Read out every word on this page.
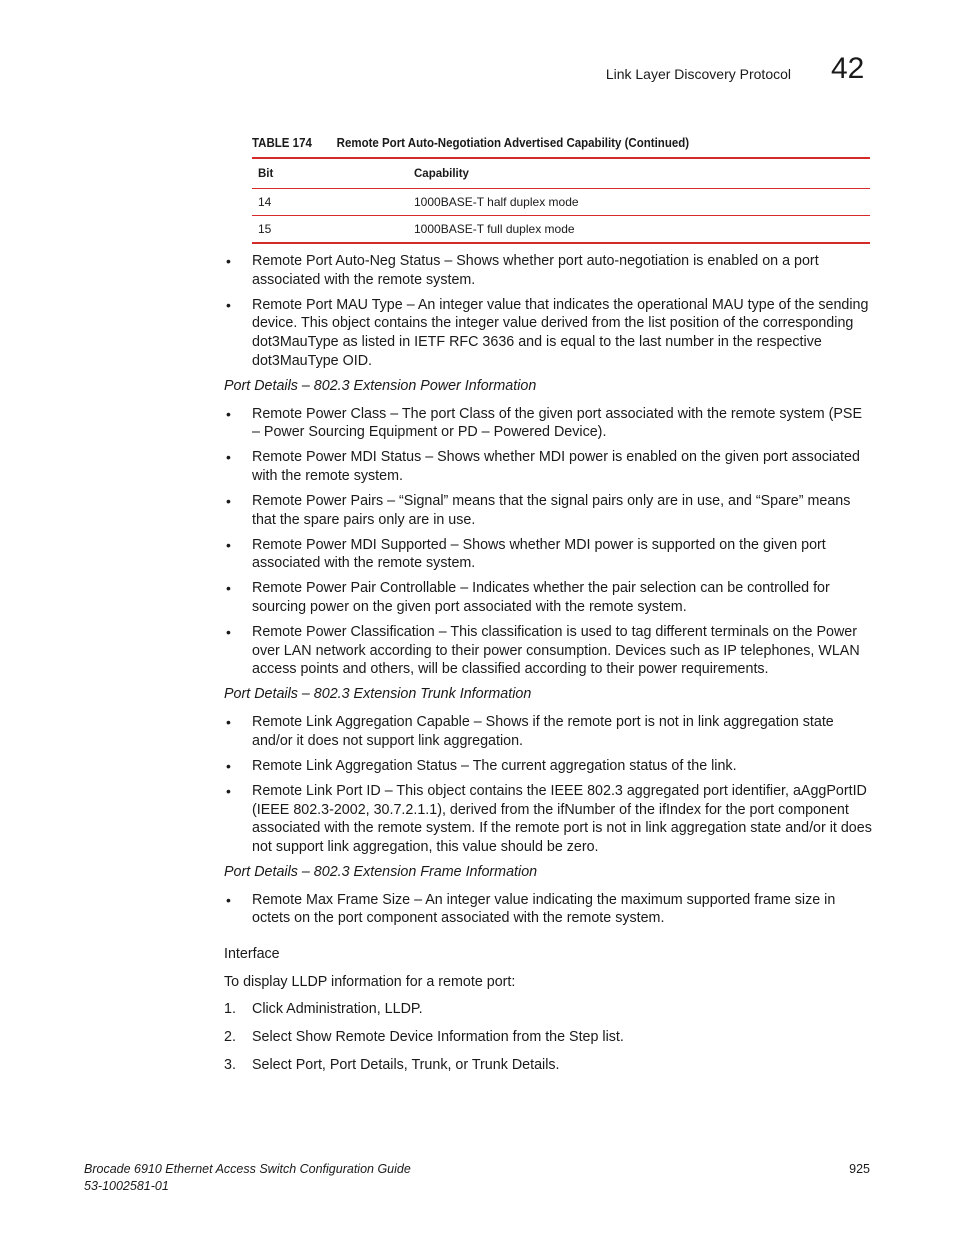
Link Layer Discovery Protocol 42
TABLE 174 Remote Port Auto-Negotiation Advertised Capability (Continued)
Bit	Capability
14	1000BASE-T half duplex mode
15	1000BASE-T full duplex mode
• Remote Port Auto-Neg Status – Shows whether port auto-negotiation is enabled on a port associated with the remote system.
• Remote Port MAU Type – An integer value that indicates the operational MAU type of the sending device. This object contains the integer value derived from the list position of the corresponding dot3MauType as listed in IETF RFC 3636 and is equal to the last number in the respective dot3MauType OID.
Port Details – 802.3 Extension Power Information
• Remote Power Class – The port Class of the given port associated with the remote system (PSE – Power Sourcing Equipment or PD – Powered Device).
• Remote Power MDI Status – Shows whether MDI power is enabled on the given port associated with the remote system.
• Remote Power Pairs – “Signal” means that the signal pairs only are in use, and “Spare” means that the spare pairs only are in use.
• Remote Power MDI Supported – Shows whether MDI power is supported on the given port associated with the remote system.
• Remote Power Pair Controllable – Indicates whether the pair selection can be controlled for sourcing power on the given port associated with the remote system.
• Remote Power Classification – This classification is used to tag different terminals on the Power over LAN network according to their power consumption. Devices such as IP telephones, WLAN access points and others, will be classified according to their power requirements.
Port Details – 802.3 Extension Trunk Information
• Remote Link Aggregation Capable – Shows if the remote port is not in link aggregation state and/or it does not support link aggregation.
• Remote Link Aggregation Status – The current aggregation status of the link.
• Remote Link Port ID – This object contains the IEEE 802.3 aggregated port identifier, aAggPortID (IEEE 802.3-2002, 30.7.2.1.1), derived from the ifNumber of the ifIndex for the port component associated with the remote system. If the remote port is not in link aggregation state and/or it does not support link aggregation, this value should be zero.
Port Details – 802.3 Extension Frame Information
• Remote Max Frame Size – An integer value indicating the maximum supported frame size in octets on the port component associated with the remote system.
Interface
To display LLDP information for a remote port:
1. Click Administration, LLDP.
2. Select Show Remote Device Information from the Step list.
3. Select Port, Port Details, Trunk, or Trunk Details.
Brocade 6910 Ethernet Access Switch Configuration Guide
53-1002581-01
925
